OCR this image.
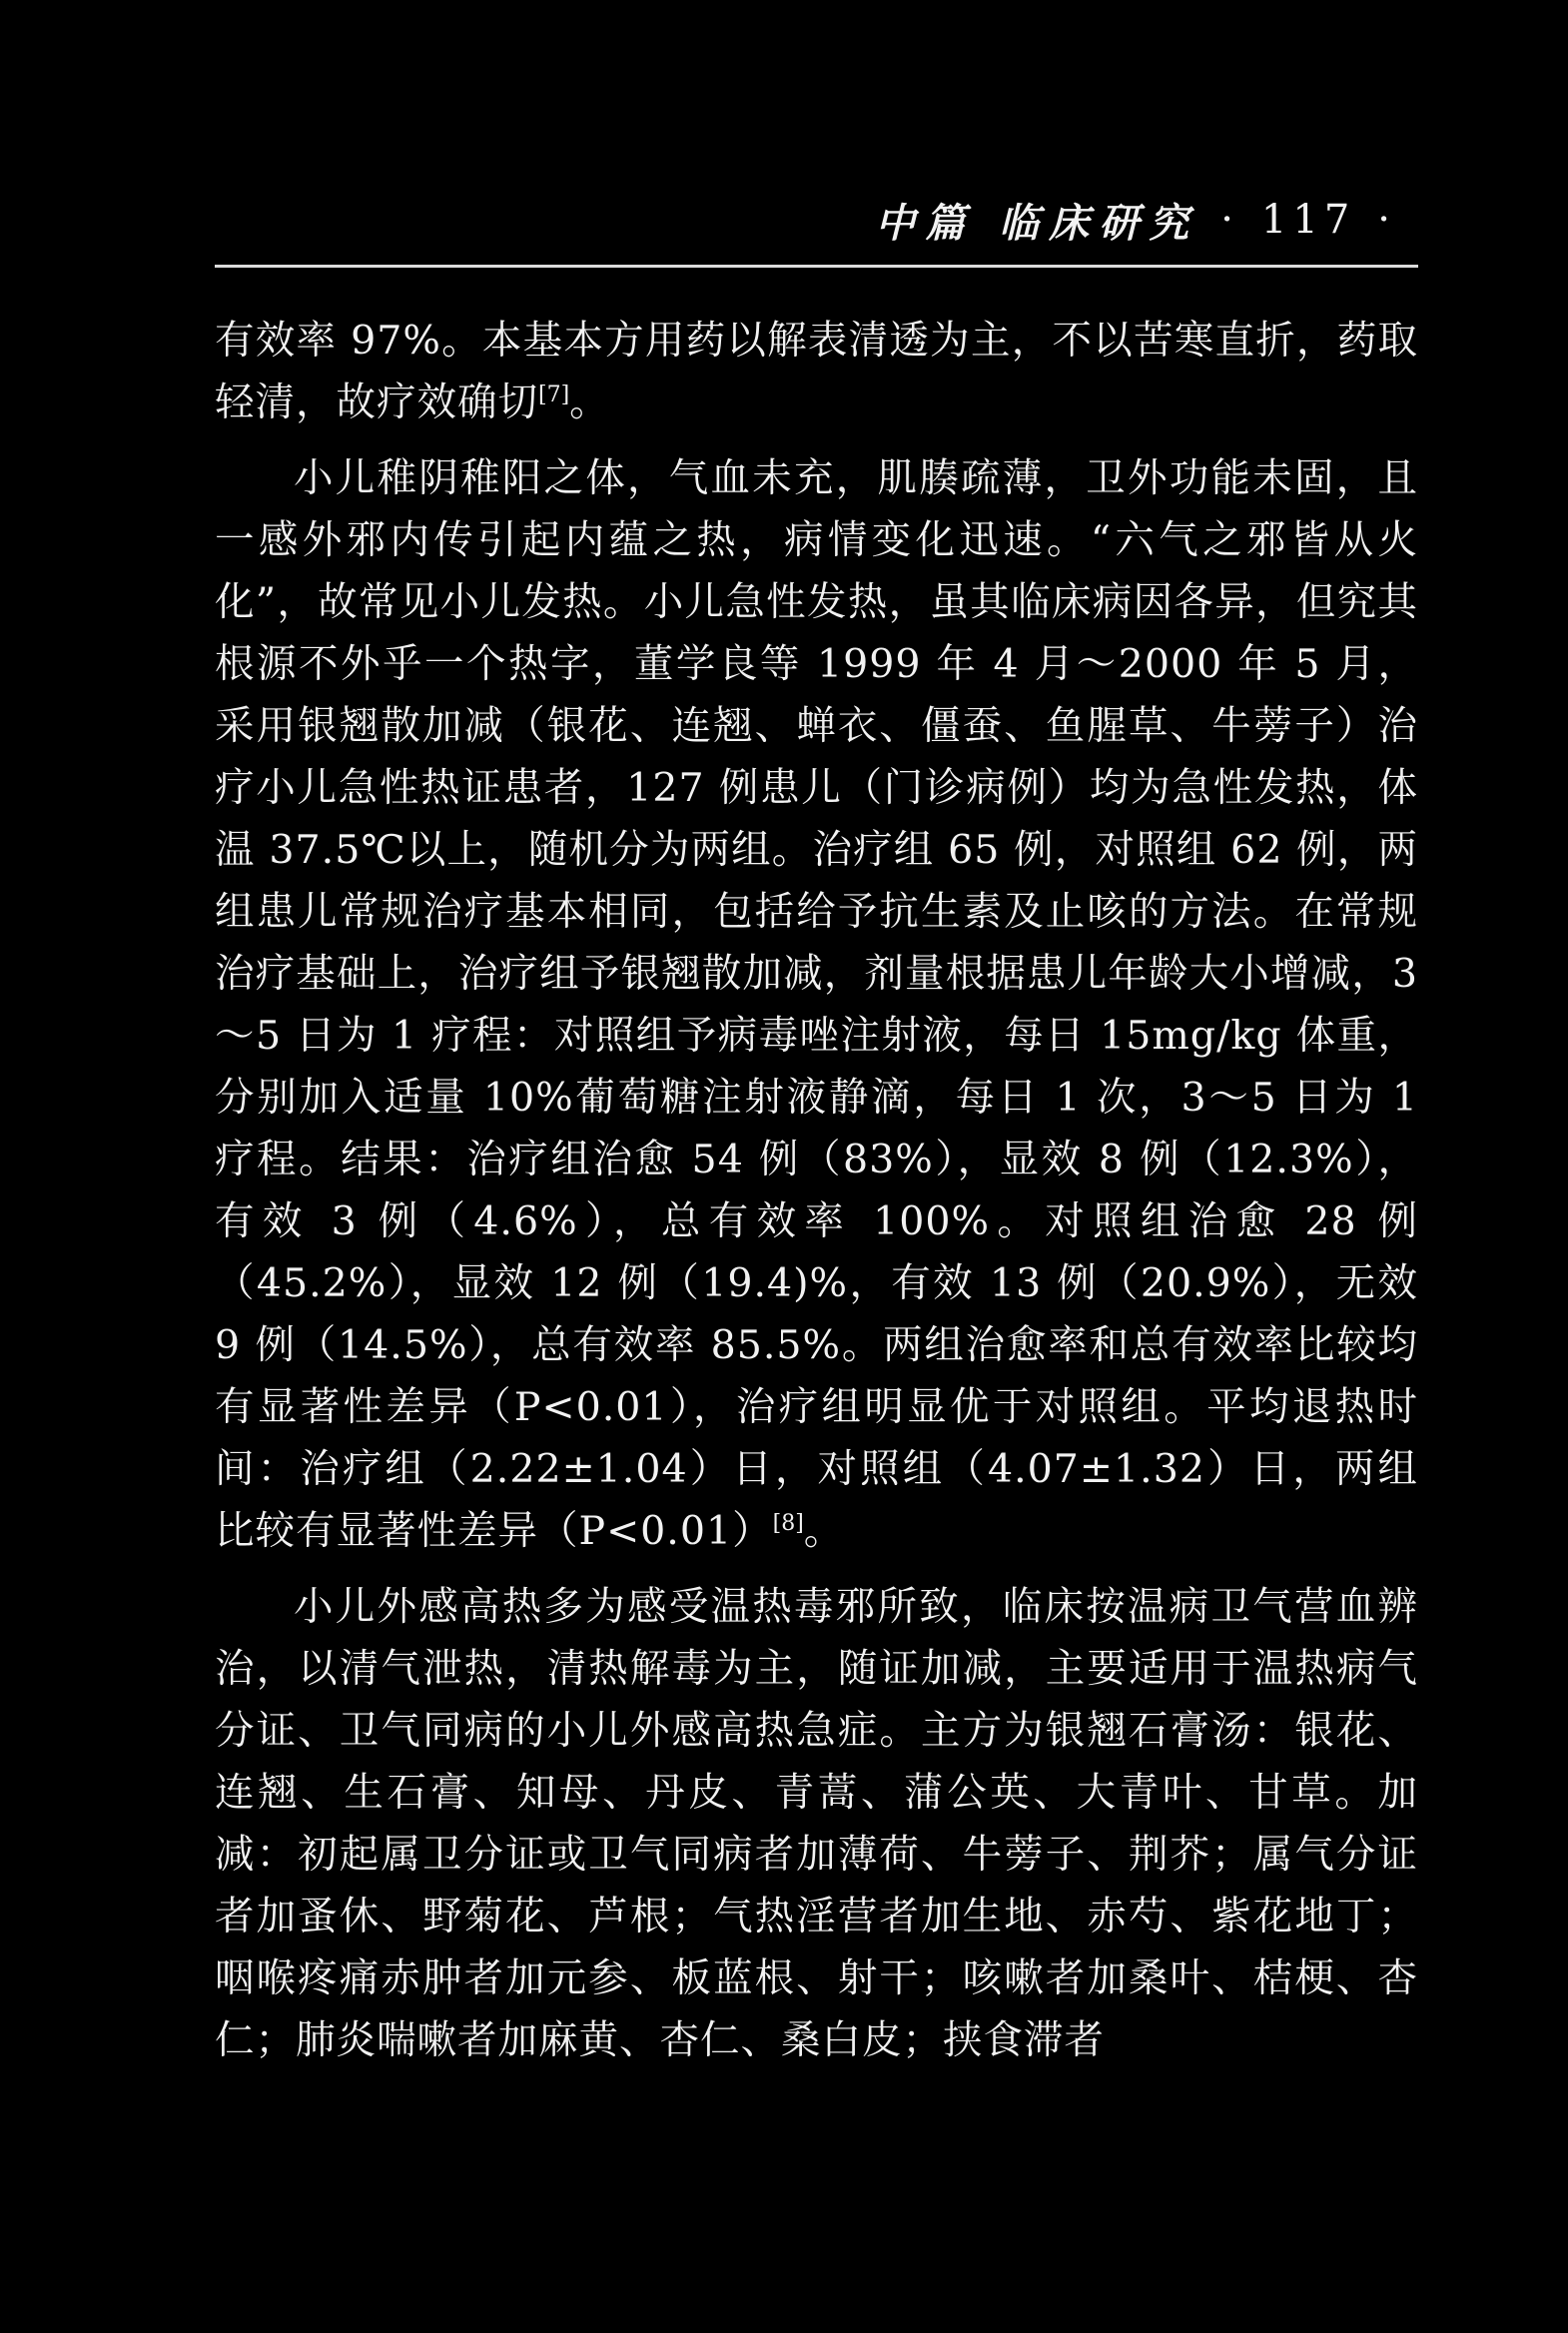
中篇 临床研究 · 117 ·

有效率 97%。本基本方用药以解表清透为主，不以苦寒直折，药取轻清，故疗效确切[7]。

小儿稚阴稚阳之体，气血未充，肌腠疏薄，卫外功能未固，且一感外邪内传引起内蕴之热，病情变化迅速。“六气之邪皆从火化”，故常见小儿发热。小儿急性发热，虽其临床病因各异，但究其根源不外乎一个热字，董学良等 1999 年 4 月～2000 年 5 月，采用银翘散加减（银花、连翘、蝉衣、僵蚕、鱼腥草、牛蒡子）治疗小儿急性热证患者，127 例患儿（门诊病例）均为急性发热，体温 37.5℃以上，随机分为两组。治疗组 65 例，对照组 62 例，两组患儿常规治疗基本相同，包括给予抗生素及止咳的方法。在常规治疗基础上，治疗组予银翘散加减，剂量根据患儿年龄大小增减，3～5 日为 1 疗程：对照组予病毒唑注射液，每日 15mg/kg 体重，分别加入适量 10%葡萄糖注射液静滴，每日 1 次，3～5 日为 1 疗程。结果：治疗组治愈 54 例（83%），显效 8 例（12.3%），有效 3 例（4.6%），总有效率 100%。对照组治愈 28 例（45.2%），显效 12 例（19.4)%，有效 13 例（20.9%），无效 9 例（14.5%），总有效率 85.5%。两组治愈率和总有效率比较均有显著性差异（P<0.01），治疗组明显优于对照组。平均退热时间：治疗组（2.22±1.04）日，对照组（4.07±1.32）日，两组比较有显著性差异（P<0.01）[8]。

小儿外感高热多为感受温热毒邪所致，临床按温病卫气营血辨治，以清气泄热，清热解毒为主，随证加减，主要适用于温热病气分证、卫气同病的小儿外感高热急症。主方为银翘石膏汤：银花、连翘、生石膏、知母、丹皮、青蒿、蒲公英、大青叶、甘草。加减：初起属卫分证或卫气同病者加薄荷、牛蒡子、荆芥；属气分证者加蚤休、野菊花、芦根；气热淫营者加生地、赤芍、紫花地丁；咽喉疼痛赤肿者加元参、板蓝根、射干；咳嗽者加桑叶、桔梗、杏仁；肺炎喘嗽者加麻黄、杏仁、桑白皮；挟食滞者
